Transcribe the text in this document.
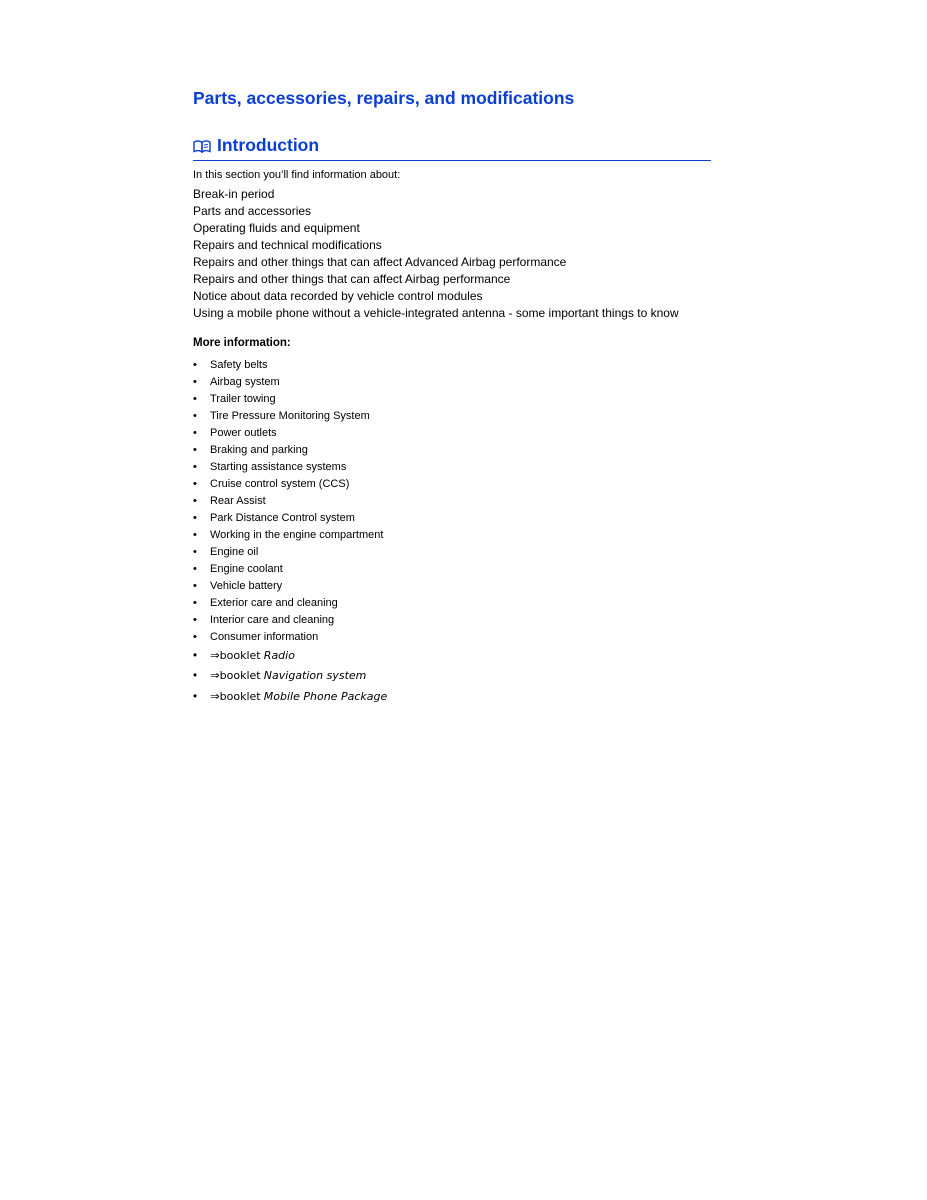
Parts, accessories, repairs, and modifications
Introduction
In this section you’ll find information about:
Break-in period
Parts and accessories
Operating fluids and equipment
Repairs and technical modifications
Repairs and other things that can affect Advanced Airbag performance
Repairs and other things that can affect Airbag performance
Notice about data recorded by vehicle control modules
Using a mobile phone without a vehicle-integrated antenna - some important things to know
More information:
• Safety belts
• Airbag system
• Trailer towing
• Tire Pressure Monitoring System
• Power outlets
• Braking and parking
• Starting assistance systems
• Cruise control system (CCS)
• Rear Assist
• Park Distance Control system
• Working in the engine compartment
• Engine oil
• Engine coolant
• Vehicle battery
• Exterior care and cleaning
• Interior care and cleaning
• Consumer information
• ⇒booklet Radio
• ⇒booklet Navigation system
• ⇒booklet Mobile Phone Package
